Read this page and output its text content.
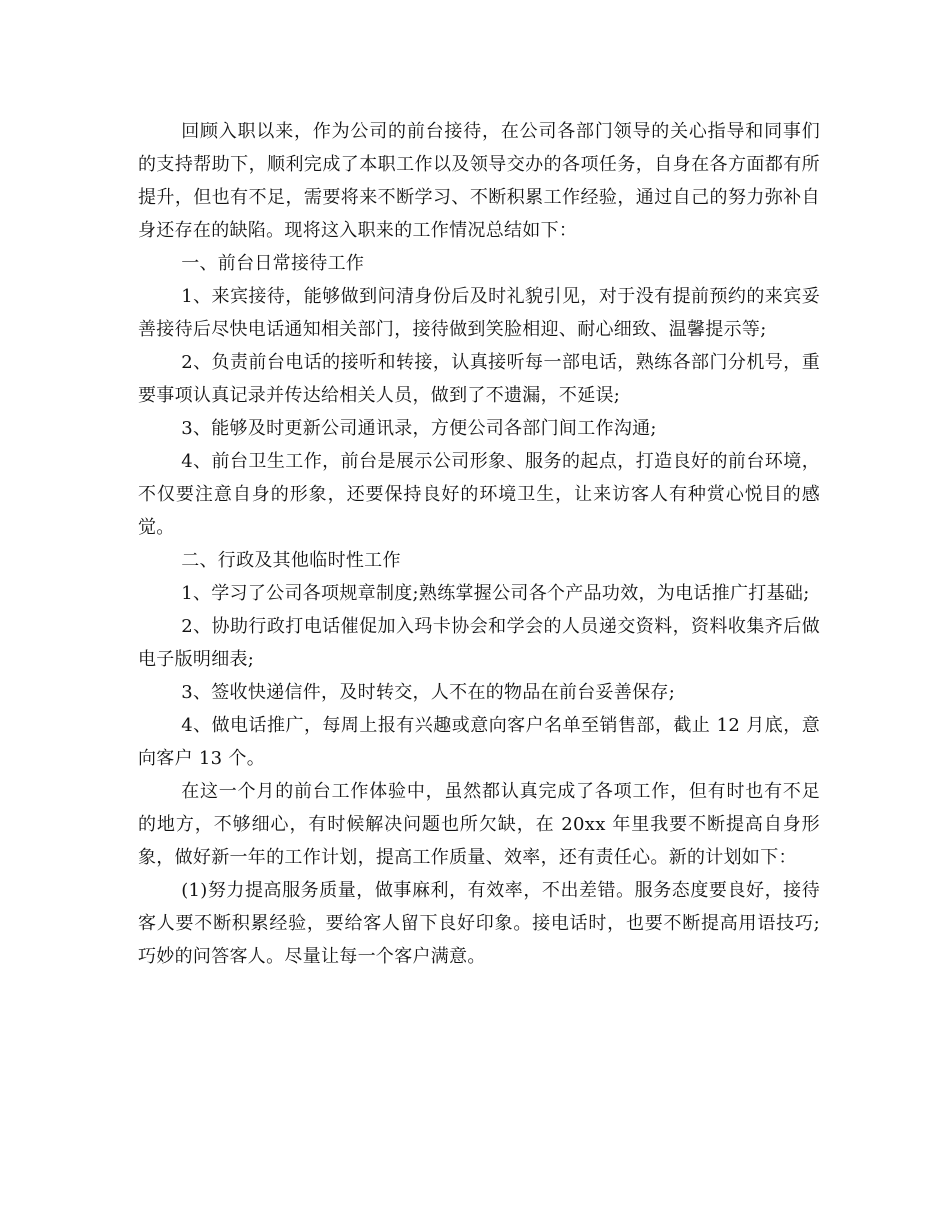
回顾入职以来，作为公司的前台接待，在公司各部门领导的关心指导和同事们的支持帮助下，顺利完成了本职工作以及领导交办的各项任务，自身在各方面都有所提升，但也有不足，需要将来不断学习、不断积累工作经验，通过自己的努力弥补自身还存在的缺陷。现将这入职来的工作情况总结如下：

一、前台日常接待工作

1、来宾接待，能够做到问清身份后及时礼貌引见，对于没有提前预约的来宾妥善接待后尽快电话通知相关部门，接待做到笑脸相迎、耐心细致、温馨提示等;

2、负责前台电话的接听和转接，认真接听每一部电话，熟练各部门分机号，重要事项认真记录并传达给相关人员，做到了不遗漏，不延误;

3、能够及时更新公司通讯录，方便公司各部门间工作沟通;

4、前台卫生工作，前台是展示公司形象、服务的起点，打造良好的前台环境，不仅要注意自身的形象，还要保持良好的环境卫生，让来访客人有种赏心悦目的感觉。

二、行政及其他临时性工作

1、学习了公司各项规章制度;熟练掌握公司各个产品功效，为电话推广打基础;

2、协助行政打电话催促加入玛卡协会和学会的人员递交资料，资料收集齐后做电子版明细表;

3、签收快递信件，及时转交，人不在的物品在前台妥善保存;

4、做电话推广，每周上报有兴趣或意向客户名单至销售部，截止 12 月底，意向客户 13 个。

在这一个月的前台工作体验中，虽然都认真完成了各项工作，但有时也有不足的地方，不够细心，有时候解决问题也所欠缺，在 20xx 年里我要不断提高自身形象，做好新一年的工作计划，提高工作质量、效率，还有责任心。新的计划如下：

(1)努力提高服务质量，做事麻利，有效率，不出差错。服务态度要良好，接待客人要不断积累经验，要给客人留下良好印象。接电话时，也要不断提高用语技巧;巧妙的问答客人。尽量让每一个客户满意。
